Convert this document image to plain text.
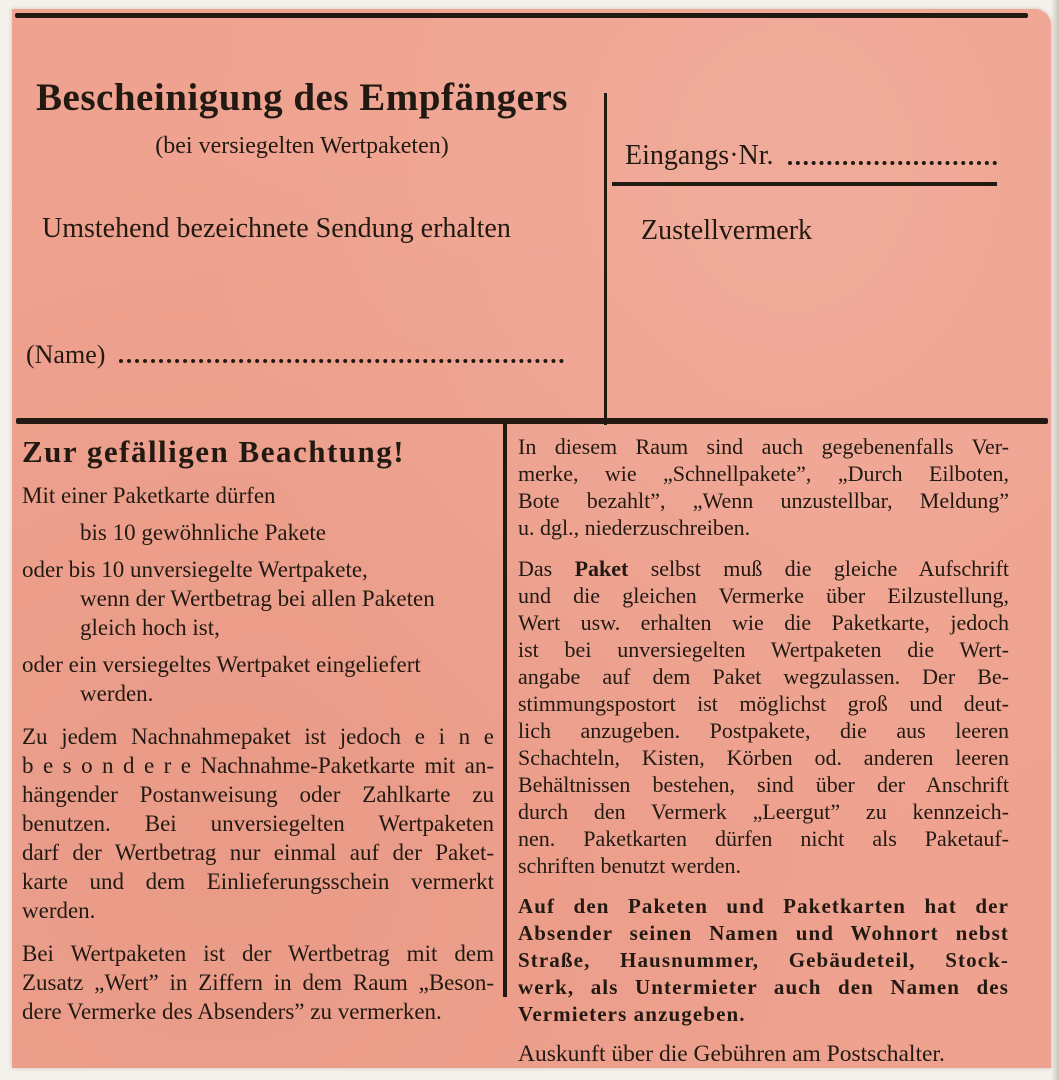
Bescheinigung des Empfängers
(bei versiegelten Wertpaketen)
Umstehend bezeichnete Sendung erhalten
(Name)
Eingangs·Nr.
Zustellvermerk
Zur gefälligen Beachtung!
Mit einer Paketkarte dürfen
bis 10 gewöhnliche Pakete
oder bis 10 unversiegelte Wertpakete,
wenn der Wertbetrag bei allen Paketen
gleich hoch ist,
oder ein versiegeltes Wertpaket eingeliefert
werden.
Zu jedem Nachnahmepaket ist jedoch e i n e
b e s o n d e r e Nachnahme-Paketkarte mit an-
hängender Postanweisung oder Zahlkarte zu
benutzen. Bei unversiegelten Wertpaketen
darf der Wertbetrag nur einmal auf der Paket-
karte und dem Einlieferungsschein vermerkt
werden.
Bei Wertpaketen ist der Wertbetrag mit dem
Zusatz „Wert” in Ziffern in dem Raum „Beson-
dere Vermerke des Absenders” zu vermerken.
In diesem Raum sind auch gegebenenfalls Ver-
merke, wie „Schnellpakete”, „Durch Eilboten,
Bote bezahlt”, „Wenn unzustellbar, Meldung”
u. dgl., niederzuschreiben.
Das Paket selbst muß die gleiche Aufschrift
und die gleichen Vermerke über Eilzustellung,
Wert usw. erhalten wie die Paketkarte, jedoch
ist bei unversiegelten Wertpaketen die Wert-
angabe auf dem Paket wegzulassen. Der Be-
stimmungspostort ist möglichst groß und deut-
lich anzugeben. Postpakete, die aus leeren
Schachteln, Kisten, Körben od. anderen leeren
Behältnissen bestehen, sind über der Anschrift
durch den Vermerk „Leergut” zu kennzeich-
nen. Paketkarten dürfen nicht als Paketauf-
schriften benutzt werden.
Auf den Paketen und Paketkarten hat der
Absender seinen Namen und Wohnort nebst
Straße, Hausnummer, Gebäudeteil, Stock-
werk, als Untermieter auch den Namen des
Vermieters anzugeben.
Auskunft über die Gebühren am Postschalter.
